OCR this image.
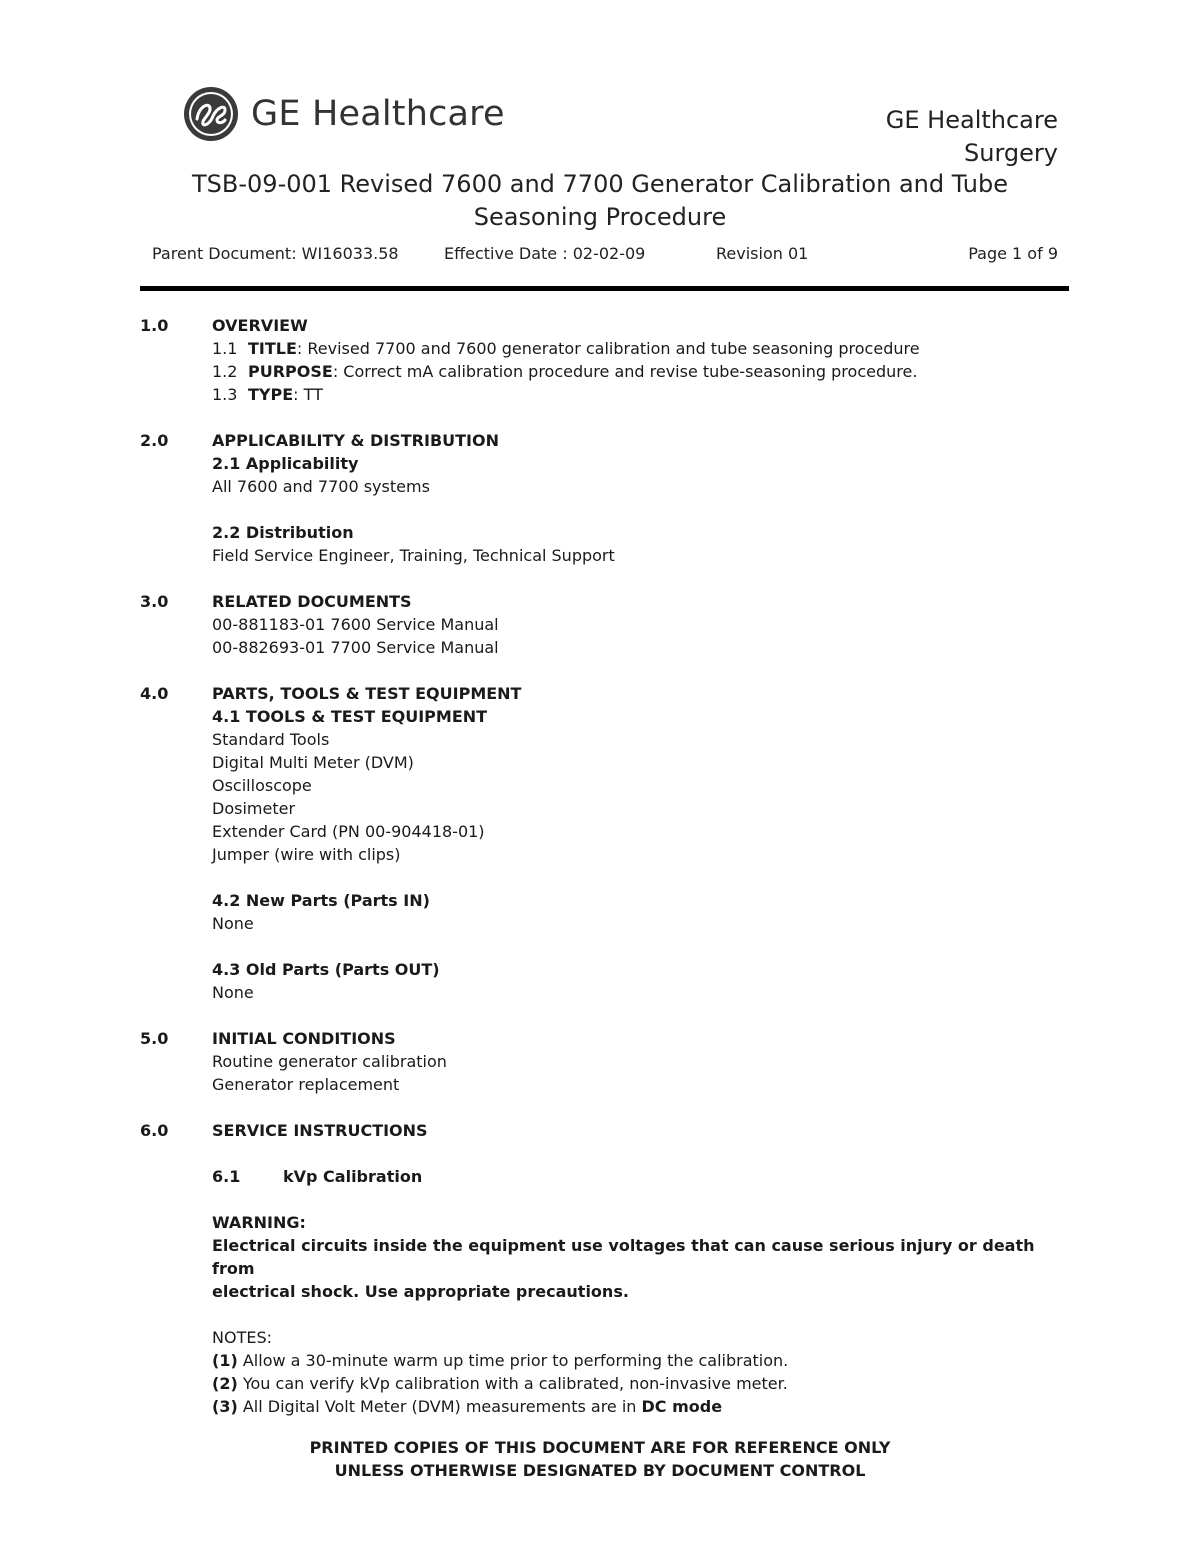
GE Healthcare	GE Healthcare
Surgery
TSB-09-001 Revised 7600 and 7700 Generator Calibration and Tube
Seasoning Procedure
Parent Document: WI16033.58	Effective Date : 02-02-09	Revision 01	Page 1 of 9
1.0	OVERVIEW
1.1 TITLE: Revised 7700 and 7600 generator calibration and tube seasoning procedure
1.2 PURPOSE: Correct mA calibration procedure and revise tube-seasoning procedure.
1.3 TYPE: TT
2.0	APPLICABILITY & DISTRIBUTION
2.1 Applicability
All 7600 and 7700 systems
2.2 Distribution
Field Service Engineer, Training, Technical Support
3.0	RELATED DOCUMENTS
00-881183-01 7600 Service Manual
00-882693-01 7700 Service Manual
4.0	PARTS, TOOLS & TEST EQUIPMENT
4.1 TOOLS & TEST EQUIPMENT
Standard Tools
Digital Multi Meter (DVM)
Oscilloscope
Dosimeter
Extender Card (PN 00-904418-01)
Jumper (wire with clips)
4.2 New Parts (Parts IN)
None
4.3 Old Parts (Parts OUT)
None
5.0	INITIAL CONDITIONS
Routine generator calibration
Generator replacement
6.0	SERVICE INSTRUCTIONS
6.1	kVp Calibration
WARNING:
Electrical circuits inside the equipment use voltages that can cause serious injury or death from
electrical shock. Use appropriate precautions.
NOTES:
(1) Allow a 30-minute warm up time prior to performing the calibration.
(2) You can verify kVp calibration with a calibrated, non-invasive meter.
(3) All Digital Volt Meter (DVM) measurements are in DC mode
PRINTED COPIES OF THIS DOCUMENT ARE FOR REFERENCE ONLY
UNLESS OTHERWISE DESIGNATED BY DOCUMENT CONTROL
